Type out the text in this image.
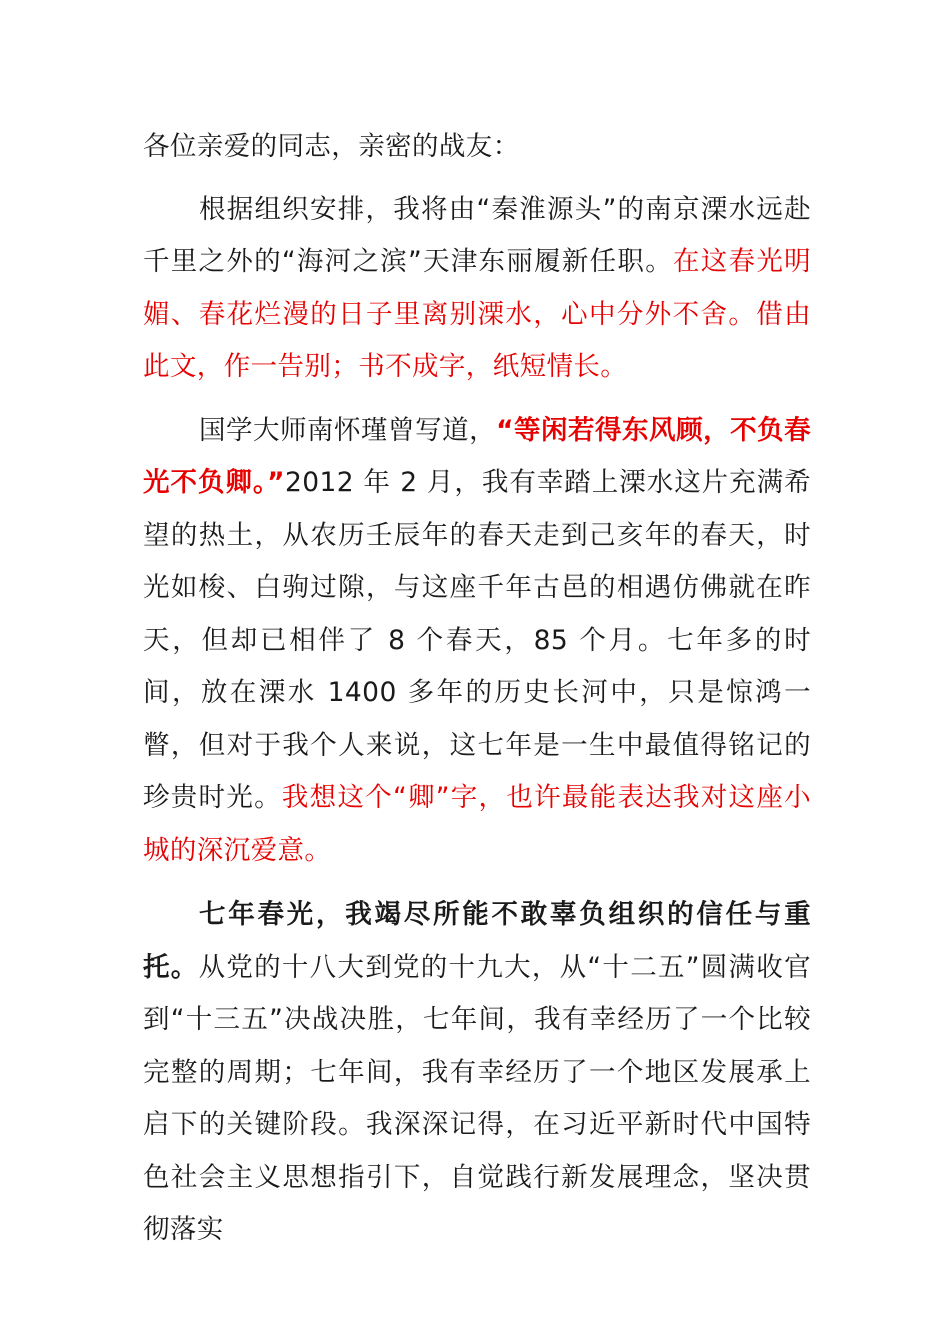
各位亲爱的同志，亲密的战友：

根据组织安排，我将由“秦淮源头”的南京溧水远赴千里之外的“海河之滨”天津东丽履新任职。在这春光明媚、春花烂漫的日子里离别溧水，心中分外不舍。借由此文，作一告别；书不成字，纸短情长。

国学大师南怀瑾曾写道，“等闲若得东风顾，不负春光不负卿。”2012 年 2 月，我有幸踏上溧水这片充满希望的热土，从农历壬辰年的春天走到己亥年的春天，时光如梭、白驹过隙，与这座千年古邑的相遇仿佛就在昨天，但却已相伴了 8 个春天，85 个月。七年多的时间，放在溧水 1400 多年的历史长河中，只是惊鸿一瞥，但对于我个人来说，这七年是一生中最值得铭记的珍贵时光。我想这个“卿”字，也许最能表达我对这座小城的深沉爱意。

七年春光，我竭尽所能不敢辜负组织的信任与重托。从党的十八大到党的十九大，从“十二五”圆满收官到“十三五”决战决胜，七年间，我有幸经历了一个比较完整的周期；七年间，我有幸经历了一个地区发展承上启下的关键阶段。我深深记得，在习近平新时代中国特色社会主义思想指引下，自觉践行新发展理念，坚决贯彻落实
